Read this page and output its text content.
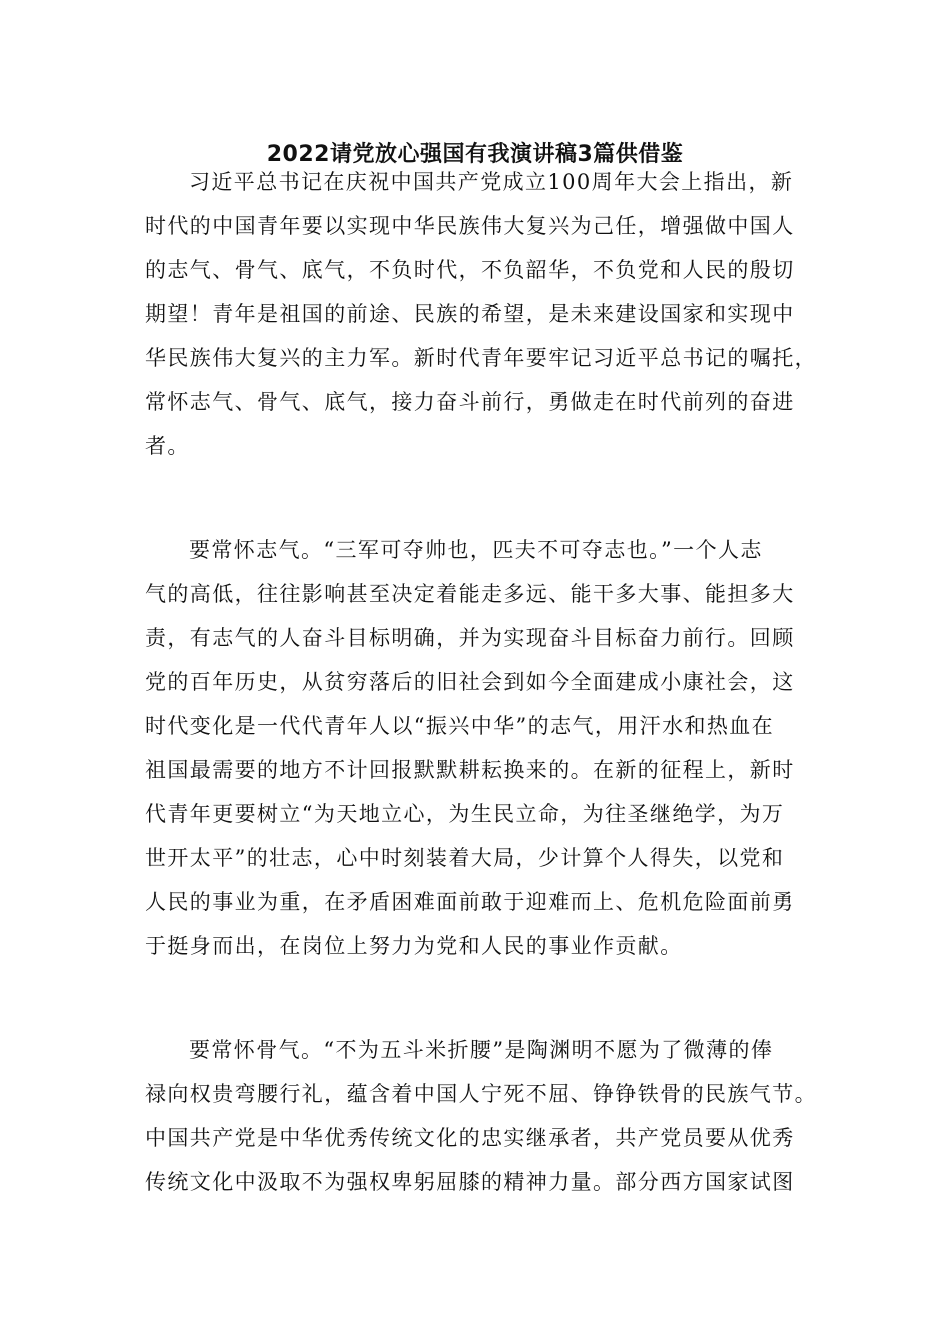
2022请党放心强国有我演讲稿3篇供借鉴
习近平总书记在庆祝中国共产党成立100周年大会上指出，新
时代的中国青年要以实现中华民族伟大复兴为己任，增强做中国人
的志气、骨气、底气，不负时代，不负韶华，不负党和人民的殷切
期望！青年是祖国的前途、民族的希望，是未来建设国家和实现中
华民族伟大复兴的主力军。新时代青年要牢记习近平总书记的嘱托，
常怀志气、骨气、底气，接力奋斗前行，勇做走在时代前列的奋进
者。
要常怀志气。“三军可夺帅也，匹夫不可夺志也。”一个人志
气的高低，往往影响甚至决定着能走多远、能干多大事、能担多大
责，有志气的人奋斗目标明确，并为实现奋斗目标奋力前行。回顾
党的百年历史，从贫穷落后的旧社会到如今全面建成小康社会，这
时代变化是一代代青年人以“振兴中华”的志气，用汗水和热血在
祖国最需要的地方不计回报默默耕耘换来的。在新的征程上，新时
代青年更要树立“为天地立心，为生民立命，为往圣继绝学，为万
世开太平”的壮志，心中时刻装着大局，少计算个人得失，以党和
人民的事业为重，在矛盾困难面前敢于迎难而上、危机危险面前勇
于挺身而出，在岗位上努力为党和人民的事业作贡献。
要常怀骨气。“不为五斗米折腰”是陶渊明不愿为了微薄的俸
禄向权贵弯腰行礼，蕴含着中国人宁死不屈、铮铮铁骨的民族气节。
中国共产党是中华优秀传统文化的忠实继承者，共产党员要从优秀
传统文化中汲取不为强权卑躬屈膝的精神力量。部分西方国家试图
